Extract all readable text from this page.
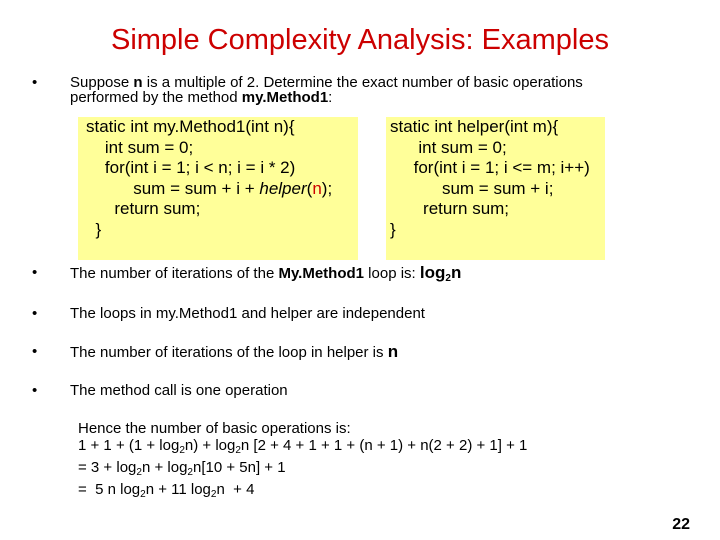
Simple Complexity Analysis: Examples
• Suppose n is a multiple of 2. Determine the exact number of basic operations
performed by the method my.Method1:
static int my.Method1(int n){
int sum = 0;
for(int i = 1; i < n; i = i * 2)
sum = sum + i + helper(n);
return sum;
}
static int helper(int m){
int sum = 0;
for(int i = 1; i <= m; i++)
sum = sum + i;
return sum;
}
• The number of iterations of the My.Method1 loop is: $\log_2n$
• The loops in my.Method1 and helper are independent
• The number of iterations of the loop in helper is n
• The method call is one operation
Hence the number of basic operations is:
$1 + 1 + (1 + \log_2n) + \log_2n$ [2 + 4 + 1 + 1 + (n + 1) + n(2 + 2) + 1] + 1
= $3 + \log_2n + \log_2n[10 + 5n] + 1$
=  5 n $\log_2n + 11$ $\log_2n + 4$
22
